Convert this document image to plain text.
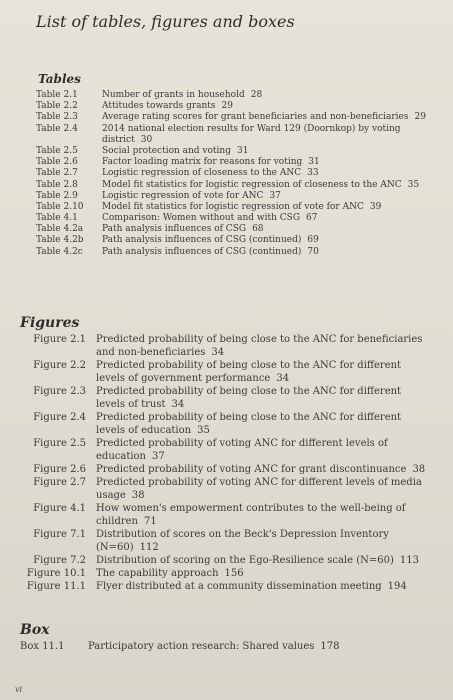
List of tables, figures and boxes
Tables
Table 2.1	Number of grants in household 28
Table 2.2	Attitudes towards grants 29
Table 2.3	Average rating scores for grant beneficiaries and non-beneficiaries 29
Table 2.4	2014 national election results for Ward 129 (Doornkop) by voting district 30
Table 2.5	Social protection and voting 31
Table 2.6	Factor loading matrix for reasons for voting 31
Table 2.7	Logistic regression of closeness to the ANC 33
Table 2.8	Model fit statistics for logistic regression of closeness to the ANC 35
Table 2.9	Logistic regression of vote for ANC 37
Table 2.10	Model fit statistics for logistic regression of vote for ANC 39
Table 4.1	Comparison: Women without and with CSG 67
Table 4.2a	Path analysis influences of CSG 68
Table 4.2b	Path analysis influences of CSG (continued) 69
Table 4.2c	Path analysis influences of CSG (continued) 70
Figures
Figure 2.1	Predicted probability of being close to the ANC for beneficiaries and non-beneficiaries 34
Figure 2.2	Predicted probability of being close to the ANC for different levels of government performance 34
Figure 2.3	Predicted probability of being close to the ANC for different levels of trust 34
Figure 2.4	Predicted probability of being close to the ANC for different levels of education 35
Figure 2.5	Predicted probability of voting ANC for different levels of education 37
Figure 2.6	Predicted probability of voting ANC for grant discontinuance 38
Figure 2.7	Predicted probability of voting ANC for different levels of media usage 38
Figure 4.1	How women's empowerment contributes to the well-being of children 71
Figure 7.1	Distribution of scores on the Beck's Depression Inventory (N=60) 112
Figure 7.2	Distribution of scoring on the Ego-Resilience scale (N=60) 113
Figure 10.1	The capability approach 156
Figure 11.1	Flyer distributed at a community dissemination meeting 194
Box
Box 11.1	Participatory action research: Shared values 178
vi
